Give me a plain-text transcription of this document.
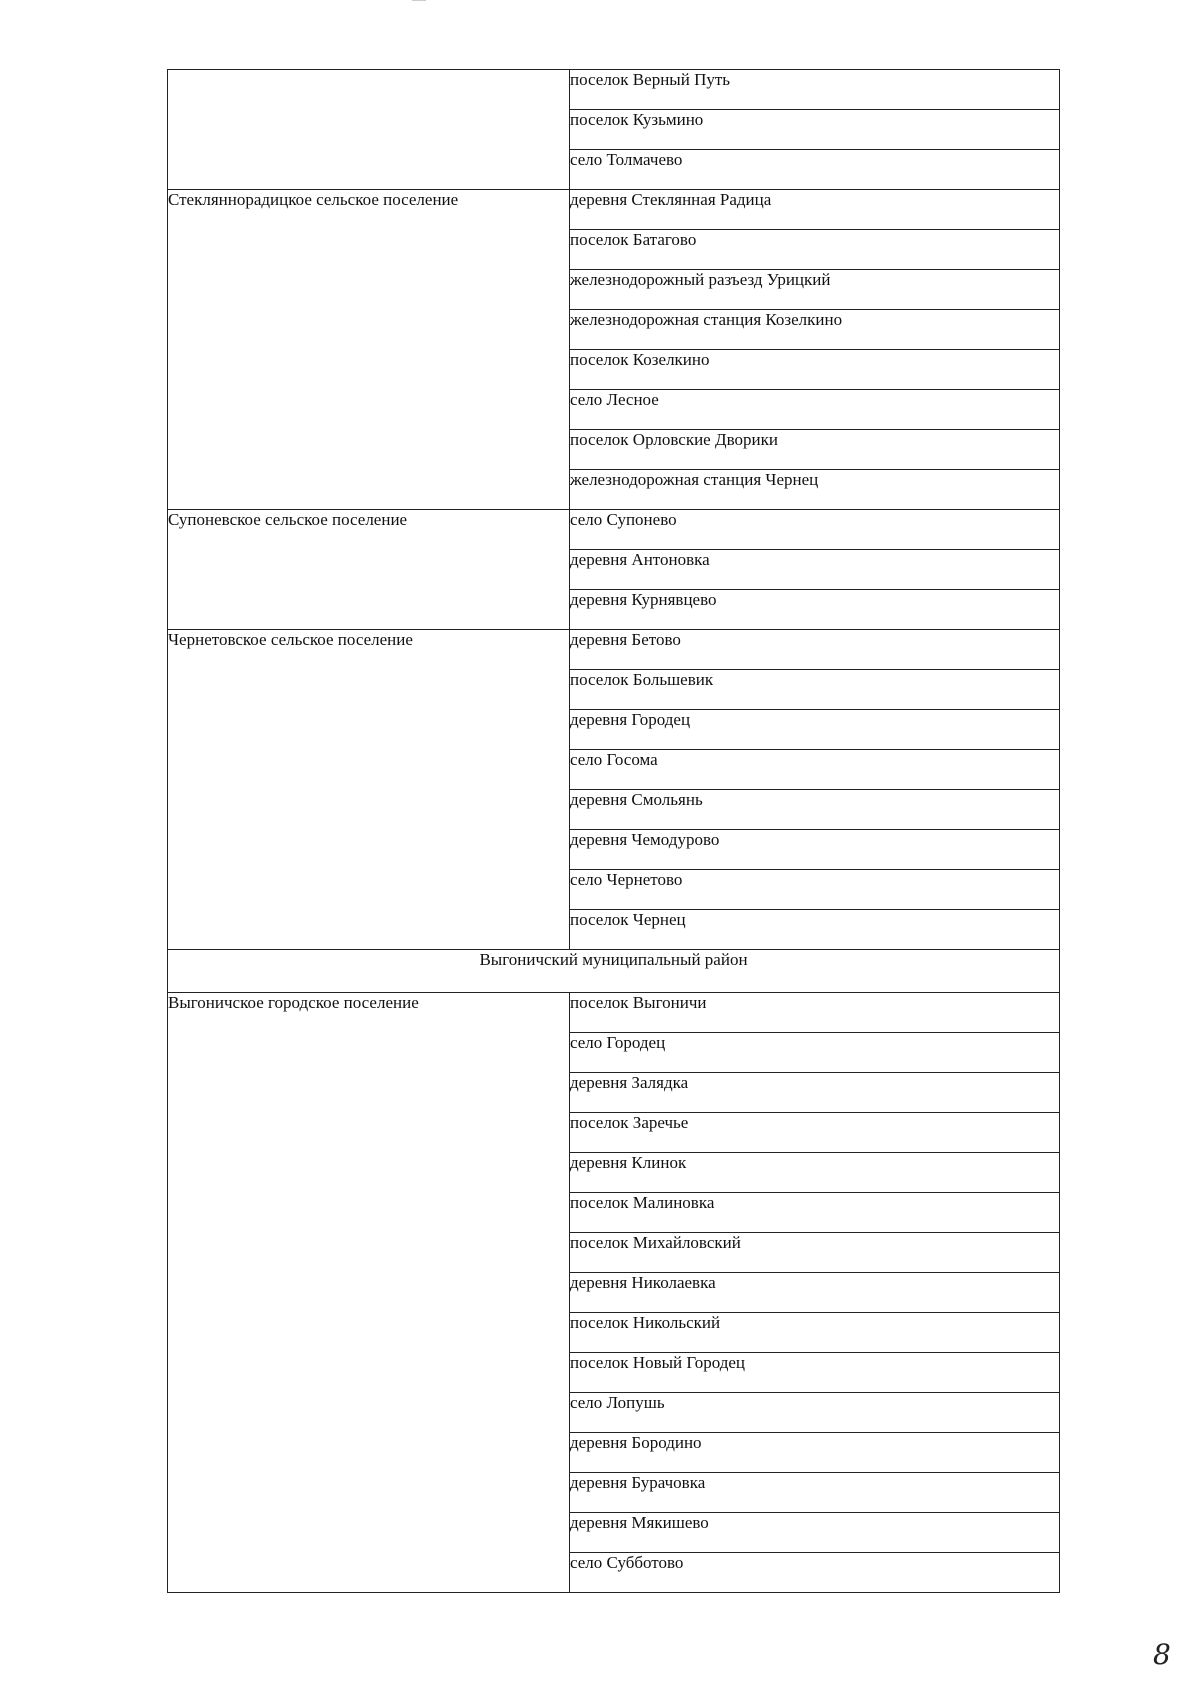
	поселок Верный Путь
	поселок Кузьмино
	село Толмачево
Стекляннорадицкое сельское поселение	деревня Стеклянная Радица
	поселок Батагово
	железнодорожный разъезд Урицкий
	железнодорожная станция Козелкино
	поселок Козелкино
	село Лесное
	поселок Орловские Дворики
	железнодорожная станция Чернец
Супоневское сельское поселение	село Супонево
	деревня Антоновка
	деревня Курнявцево
Чернетовское сельское поселение	деревня Бетово
	поселок Большевик
	деревня Городец
	село Госома
	деревня Смольянь
	деревня Чемодурово
	село Чернетово
	поселок Чернец
Выгоничский муниципальный район	
Выгоничское городское поселение	поселок Выгоничи
	село Городец
	деревня Залядка
	поселок Заречье
	деревня Клинок
	поселок Малиновка
	поселок Михайловский
	деревня Николаевка
	поселок Никольский
	поселок Новый Городец
	село Лопушь
	деревня Бородино
	деревня Бурачовка
	деревня Мякишево
	село Субботово
8
